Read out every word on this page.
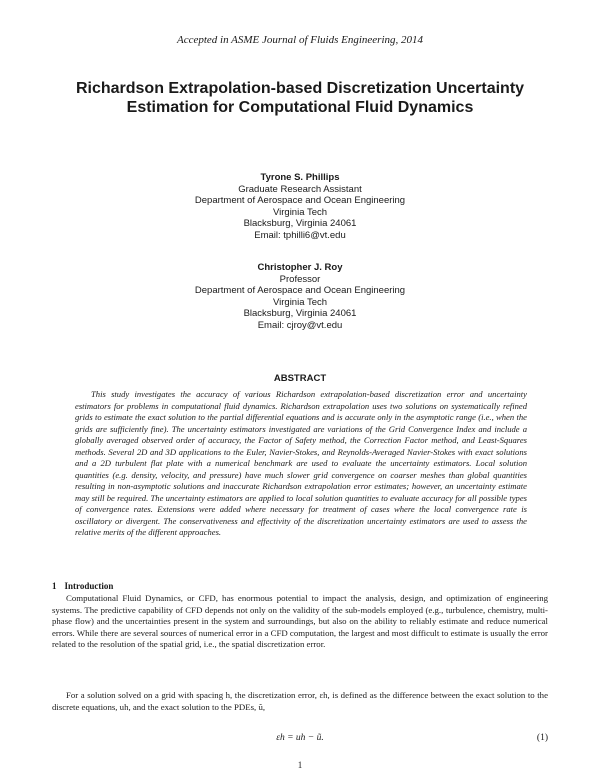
Accepted in ASME Journal of Fluids Engineering, 2014
Richardson Extrapolation-based Discretization Uncertainty Estimation for Computational Fluid Dynamics
Tyrone S. Phillips
Graduate Research Assistant
Department of Aerospace and Ocean Engineering
Virginia Tech
Blacksburg, Virginia 24061
Email: tphilli6@vt.edu
Christopher J. Roy
Professor
Department of Aerospace and Ocean Engineering
Virginia Tech
Blacksburg, Virginia 24061
Email: cjroy@vt.edu
ABSTRACT

This study investigates the accuracy of various Richardson extrapolation-based discretization error and uncertainty estimators for problems in computational fluid dynamics. Richardson extrapolation uses two solutions on systematically refined grids to estimate the exact solution to the partial differential equations and is accurate only in the asymptotic range (i.e., when the grids are sufficiently fine). The uncertainty estimators investigated are variations of the Grid Convergence Index and include a globally averaged observed order of accuracy, the Factor of Safety method, the Correction Factor method, and Least-Squares methods. Several 2D and 3D applications to the Euler, Navier-Stokes, and Reynolds-Averaged Navier-Stokes with exact solutions and a 2D turbulent flat plate with a numerical benchmark are used to evaluate the uncertainty estimators. Local solution quantities (e.g. density, velocity, and pressure) have much slower grid convergence on coarser meshes than global quantities resulting in non-asymptotic solutions and inaccurate Richardson extrapolation error estimates; however, an uncertainty estimate may still be required. The uncertainty estimators are applied to local solution quantities to evaluate accuracy for all possible types of convergence rates. Extensions were added where necessary for treatment of cases where the local convergence rate is oscillatory or divergent. The conservativeness and effectivity of the discretization uncertainty estimators are used to assess the relative merits of the different approaches.

1 Introduction

Computational Fluid Dynamics, or CFD, has enormous potential to impact the analysis, design, and optimization of engineering systems. The predictive capability of CFD depends not only on the validity of the sub-models employed (e.g., turbulence, chemistry, multi-phase flow) and the uncertainties present in the system and surroundings, but also on the ability to reliably estimate and reduce numerical errors. While there are several sources of numerical error in a CFD computation, the largest and most difficult to estimate is usually the error related to the resolution of the spatial grid, i.e., the spatial discretization error.

For a solution solved on a grid with spacing h, the discretization error, εh, is defined as the difference between the exact solution to the discrete equations, uh, and the exact solution to the PDEs, ũ,

εh = uh − ũ.	(1)
1
